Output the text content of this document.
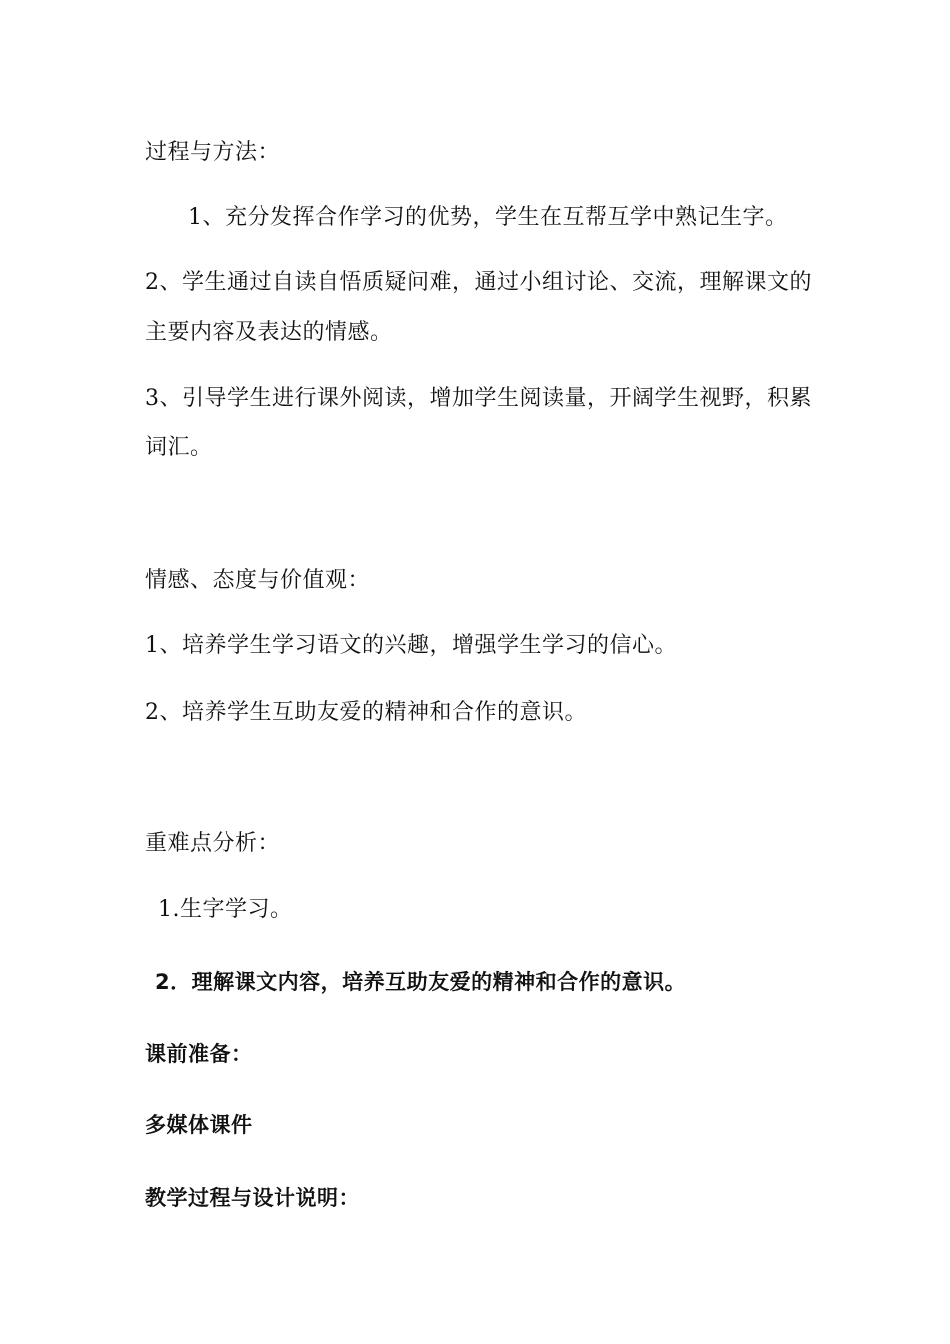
过程与方法：
1、充分发挥合作学习的优势，学生在互帮互学中熟记生字。
2、学生通过自读自悟质疑问难，通过小组讨论、交流，理解课文的
主要内容及表达的情感。
3、引导学生进行课外阅读，增加学生阅读量，开阔学生视野，积累
词汇。
情感、态度与价值观：
1、培养学生学习语文的兴趣，增强学生学习的信心。
2、培养学生互助友爱的精神和合作的意识。
重难点分析：
1.生字学习。
2．理解课文内容，培养互助友爱的精神和合作的意识。
课前准备：
多媒体课件
教学过程与设计说明：
